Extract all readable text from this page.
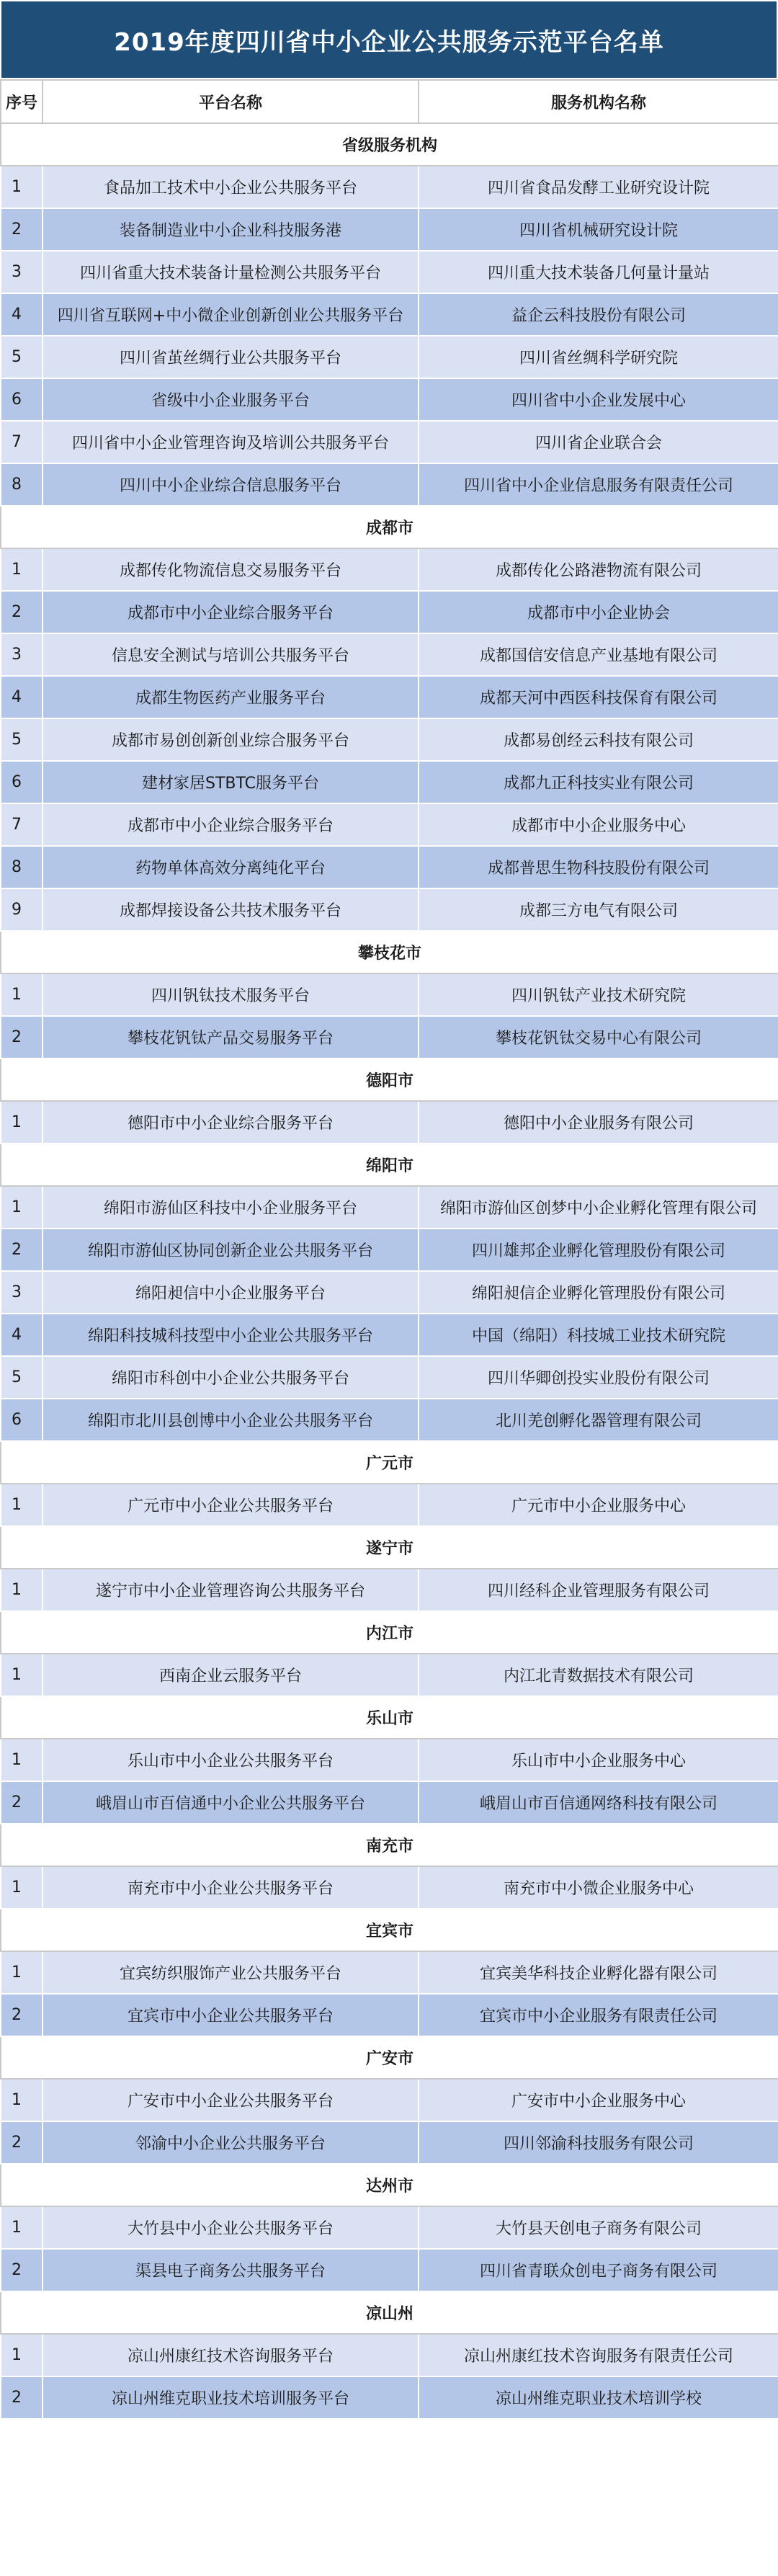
2019年度四川省中小企业公共服务示范平台名单
序号	平台名称	服务机构名称
省级服务机构		
1	食品加工技术中小企业公共服务平台	四川省食品发酵工业研究设计院
2	装备制造业中小企业科技服务港	四川省机械研究设计院
3	四川省重大技术装备计量检测公共服务平台	四川重大技术装备几何量计量站
4	四川省互联网+中小微企业创新创业公共服务平台	益企云科技股份有限公司
5	四川省茧丝绸行业公共服务平台	四川省丝绸科学研究院
6	省级中小企业服务平台	四川省中小企业发展中心
7	四川省中小企业管理咨询及培训公共服务平台	四川省企业联合会
8	四川中小企业综合信息服务平台	四川省中小企业信息服务有限责任公司
成都市		
1	成都传化物流信息交易服务平台	成都传化公路港物流有限公司
2	成都市中小企业综合服务平台	成都市中小企业协会
3	信息安全测试与培训公共服务平台	成都国信安信息产业基地有限公司
4	成都生物医药产业服务平台	成都天河中西医科技保育有限公司
5	成都市易创创新创业综合服务平台	成都易创经云科技有限公司
6	建材家居STBTC服务平台	成都九正科技实业有限公司
7	成都市中小企业综合服务平台	成都市中小企业服务中心
8	药物单体高效分离纯化平台	成都普思生物科技股份有限公司
9	成都焊接设备公共技术服务平台	成都三方电气有限公司
攀枝花市		
1	四川钒钛技术服务平台	四川钒钛产业技术研究院
2	攀枝花钒钛产品交易服务平台	攀枝花钒钛交易中心有限公司
德阳市		
1	德阳市中小企业综合服务平台	德阳中小企业服务有限公司
绵阳市		
1	绵阳市游仙区科技中小企业服务平台	绵阳市游仙区创梦中小企业孵化管理有限公司
2	绵阳市游仙区协同创新企业公共服务平台	四川雄邦企业孵化管理股份有限公司
3	绵阳昶信中小企业服务平台	绵阳昶信企业孵化管理股份有限公司
4	绵阳科技城科技型中小企业公共服务平台	中国（绵阳）科技城工业技术研究院
5	绵阳市科创中小企业公共服务平台	四川华卿创投实业股份有限公司
6	绵阳市北川县创博中小企业公共服务平台	北川羌创孵化器管理有限公司
广元市		
1	广元市中小企业公共服务平台	广元市中小企业服务中心
遂宁市		
1	遂宁市中小企业管理咨询公共服务平台	四川经科企业管理服务有限公司
内江市		
1	西南企业云服务平台	内江北青数据技术有限公司
乐山市		
1	乐山市中小企业公共服务平台	乐山市中小企业服务中心
2	峨眉山市百信通中小企业公共服务平台	峨眉山市百信通网络科技有限公司
南充市		
1	南充市中小企业公共服务平台	南充市中小微企业服务中心
宜宾市		
1	宜宾纺织服饰产业公共服务平台	宜宾美华科技企业孵化器有限公司
2	宜宾市中小企业公共服务平台	宜宾市中小企业服务有限责任公司
广安市		
1	广安市中小企业公共服务平台	广安市中小企业服务中心
2	邻渝中小企业公共服务平台	四川邻渝科技服务有限公司
达州市		
1	大竹县中小企业公共服务平台	大竹县天创电子商务有限公司
2	渠县电子商务公共服务平台	四川省青联众创电子商务有限公司
凉山州		
1	凉山州康红技术咨询服务平台	凉山州康红技术咨询服务有限责任公司
2	凉山州维克职业技术培训服务平台	凉山州维克职业技术培训学校
